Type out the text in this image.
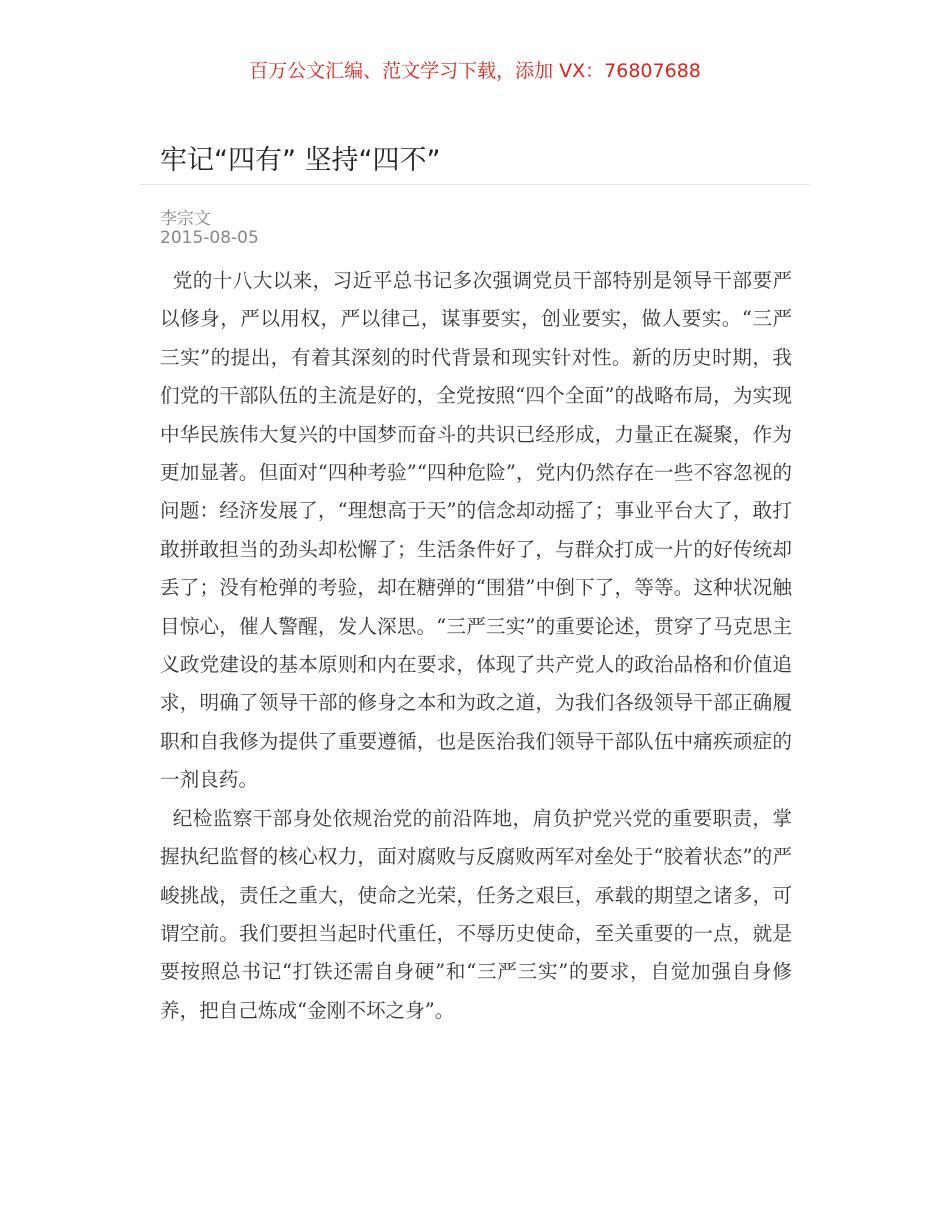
百万公文汇编、范文学习下载，添加 VX：76807688
牢记“四有” 坚持“四不”
李宗文
2015-08-05

党的十八大以来，习近平总书记多次强调党员干部特别是领导干部要严以修身，严以用权，严以律己，谋事要实，创业要实，做人要实。“三严三实”的提出，有着其深刻的时代背景和现实针对性。新的历史时期，我们党的干部队伍的主流是好的，全党按照“四个全面”的战略布局，为实现中华民族伟大复兴的中国梦而奋斗的共识已经形成，力量正在凝聚，作为更加显著。但面对“四种考验”“四种危险”，党内仍然存在一些不容忽视的问题：经济发展了，“理想高于天”的信念却动摇了；事业平台大了，敢打敢拼敢担当的劲头却松懈了；生活条件好了，与群众打成一片的好传统却丢了；没有枪弹的考验，却在糖弹的“围猎”中倒下了，等等。这种状况触目惊心，催人警醒，发人深思。“三严三实”的重要论述，贯穿了马克思主义政党建设的基本原则和内在要求，体现了共产党人的政治品格和价值追求，明确了领导干部的修身之本和为政之道，为我们各级领导干部正确履职和自我修为提供了重要遵循，也是医治我们领导干部队伍中痛疾顽症的一剂良药。

纪检监察干部身处依规治党的前沿阵地，肩负护党兴党的重要职责，掌握执纪监督的核心权力，面对腐败与反腐败两军对垒处于“胶着状态”的严峻挑战，责任之重大，使命之光荣，任务之艰巨，承载的期望之诸多，可谓空前。我们要担当起时代重任，不辱历史使命，至关重要的一点，就是要按照总书记“打铁还需自身硬”和“三严三实”的要求，自觉加强自身修养，把自己炼成“金刚不坏之身”。
